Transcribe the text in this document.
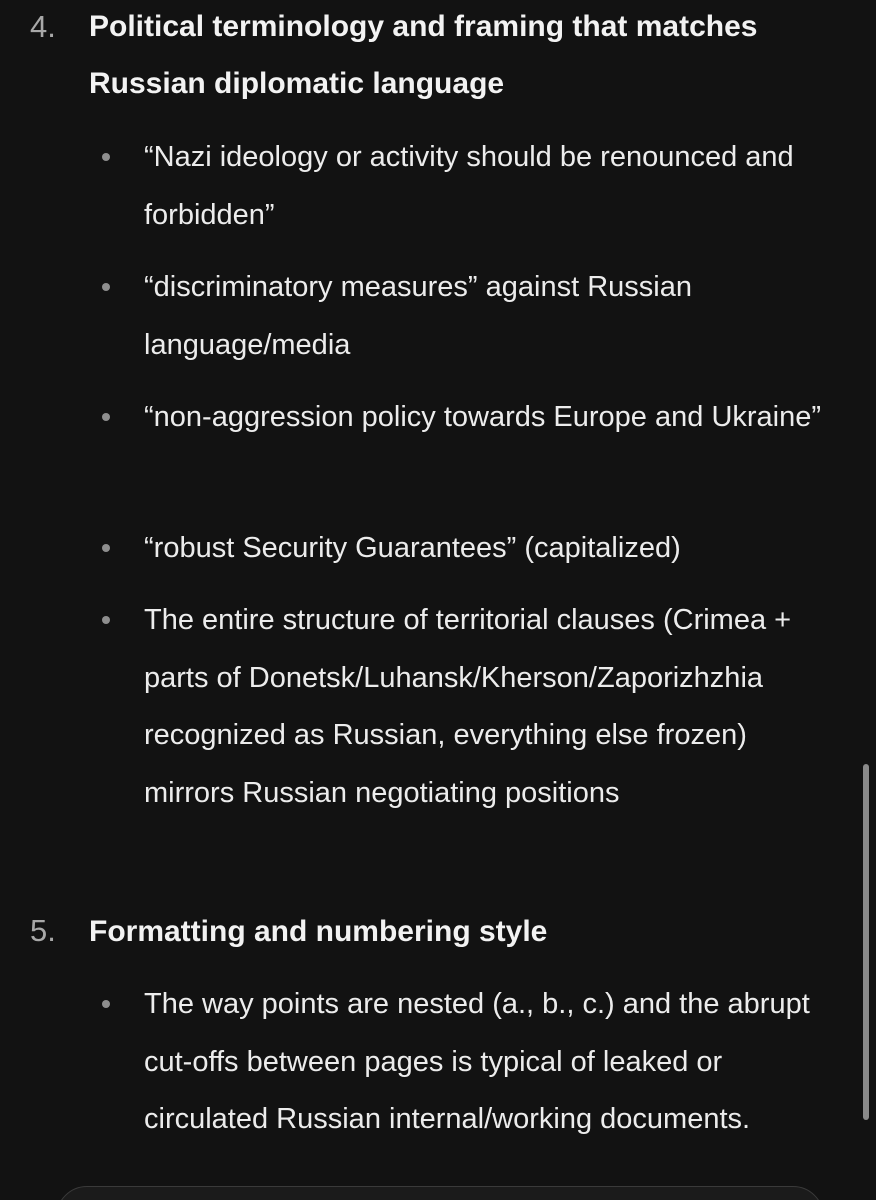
4. Political terminology and framing that matches Russian diplomatic language
“Nazi ideology or activity should be renounced and forbidden”
“discriminatory measures” against Russian language/media
“non-aggression policy towards Europe and Ukraine”
“robust Security Guarantees” (capitalized)
The entire structure of territorial clauses (Crimea + parts of Donetsk/Luhansk/Kherson/Zaporizhzhia recognized as Russian, everything else frozen) mirrors Russian negotiating positions
5. Formatting and numbering style
The way points are nested (a., b., c.) and the abrupt cut-offs between pages is typical of leaked or circulated Russian internal/working documents.
